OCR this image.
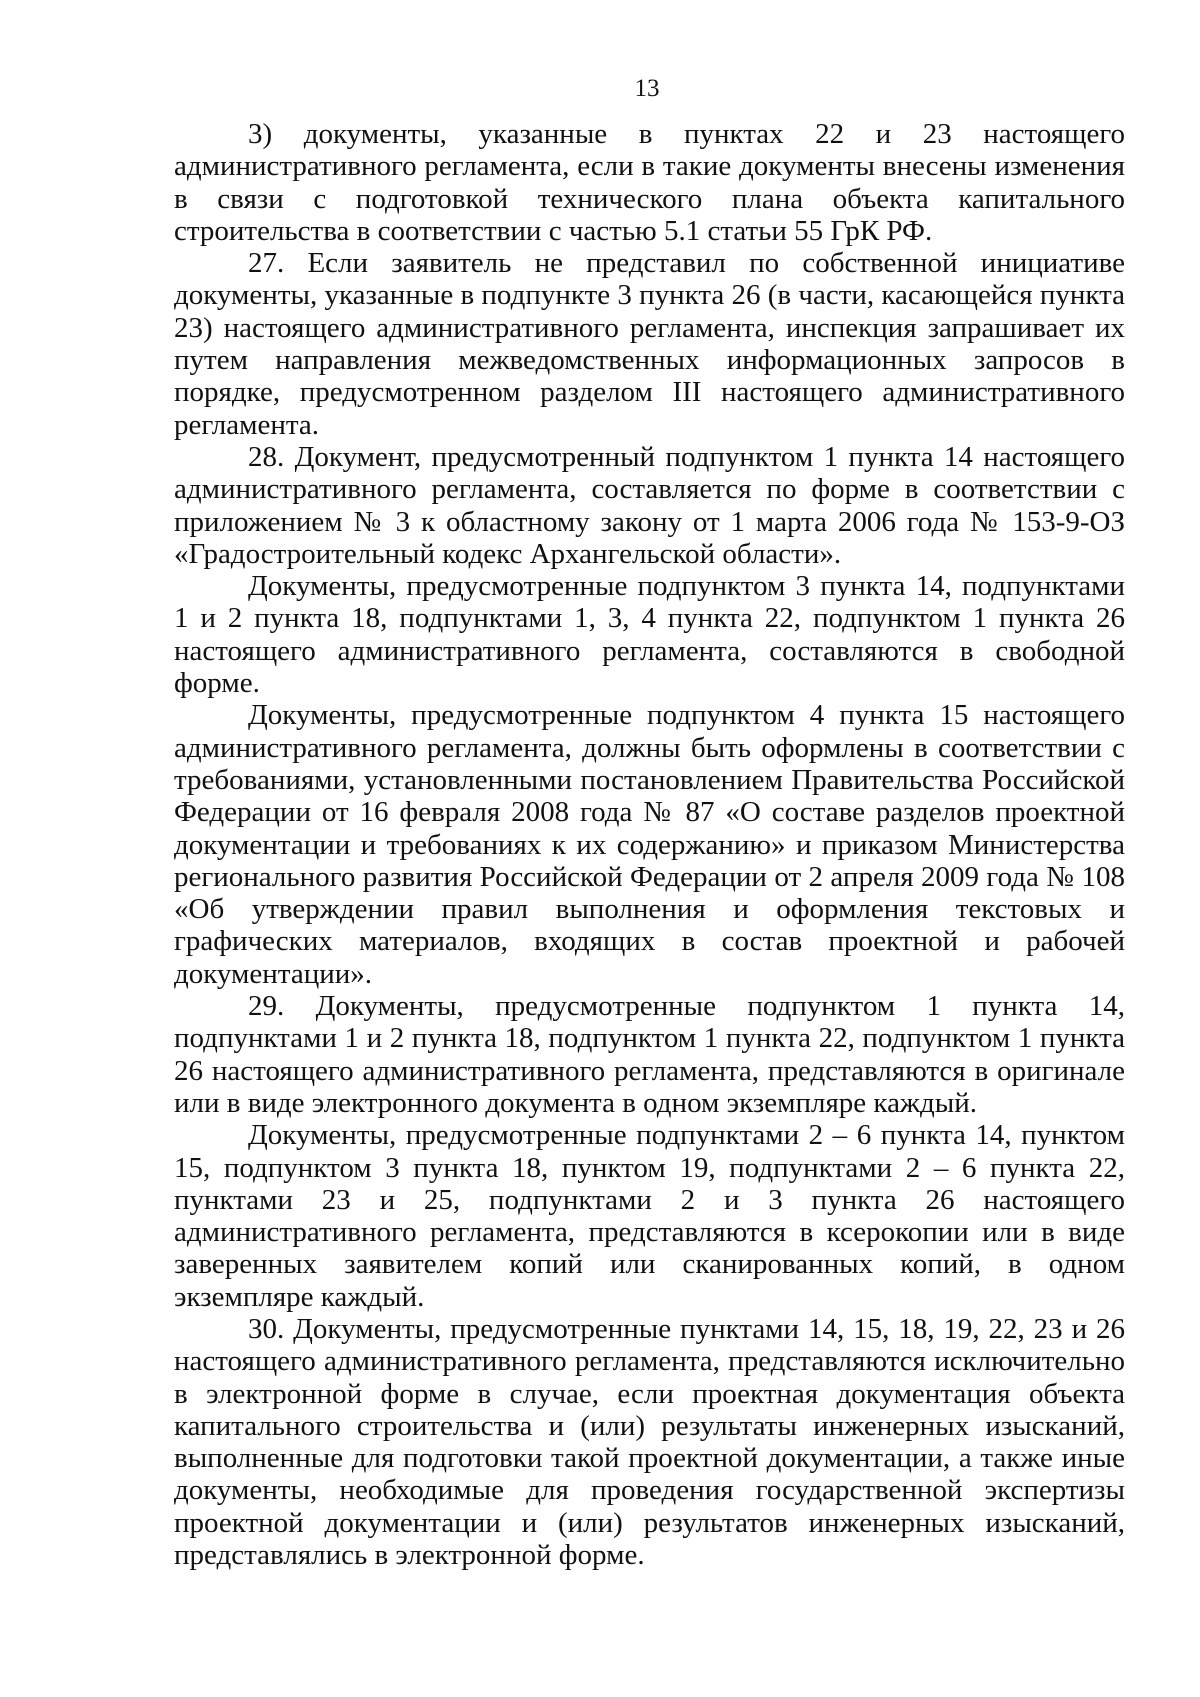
13

3) документы, указанные в пунктах 22 и 23 настоящего административного регламента, если в такие документы внесены изменения в связи с подготовкой технического плана объекта капитального строительства в соответствии с частью 5.1 статьи 55 ГрК РФ.

27. Если заявитель не представил по собственной инициативе документы, указанные в подпункте 3 пункта 26 (в части, касающейся пункта 23) настоящего административного регламента, инспекция запрашивает их путем направления межведомственных информационных запросов в порядке, предусмотренном разделом III настоящего административного регламента.

28. Документ, предусмотренный подпунктом 1 пункта 14 настоящего административного регламента, составляется по форме в соответствии с приложением № 3 к областному закону от 1 марта 2006 года № 153-9-ОЗ «Градостроительный кодекс Архангельской области».

Документы, предусмотренные подпунктом 3 пункта 14, подпунктами 1 и 2 пункта 18, подпунктами 1, 3, 4 пункта 22, подпунктом 1 пункта 26 настоящего административного регламента, составляются в свободной форме.

Документы, предусмотренные подпунктом 4 пункта 15 настоящего административного регламента, должны быть оформлены в соответствии с требованиями, установленными постановлением Правительства Российской Федерации от 16 февраля 2008 года № 87 «О составе разделов проектной документации и требованиях к их содержанию» и приказом Министерства регионального развития Российской Федерации от 2 апреля 2009 года № 108 «Об утверждении правил выполнения и оформления текстовых и графических материалов, входящих в состав проектной и рабочей документации».

29. Документы, предусмотренные подпунктом 1 пункта 14, подпунктами 1 и 2 пункта 18, подпунктом 1 пункта 22, подпунктом 1 пункта 26 настоящего административного регламента, представляются в оригинале или в виде электронного документа в одном экземпляре каждый.

Документы, предусмотренные подпунктами 2 – 6 пункта 14, пунктом 15, подпунктом 3 пункта 18, пунктом 19, подпунктами 2 – 6 пункта 22, пунктами 23 и 25, подпунктами 2 и 3 пункта 26 настоящего административного регламента, представляются в ксерокопии или в виде заверенных заявителем копий или сканированных копий, в одном экземпляре каждый.

30. Документы, предусмотренные пунктами 14, 15, 18, 19, 22, 23 и 26 настоящего административного регламента, представляются исключительно в электронной форме в случае, если проектная документация объекта капитального строительства и (или) результаты инженерных изысканий, выполненные для подготовки такой проектной документации, а также иные документы, необходимые для проведения государственной экспертизы проектной документации и (или) результатов инженерных изысканий, представлялись в электронной форме.
